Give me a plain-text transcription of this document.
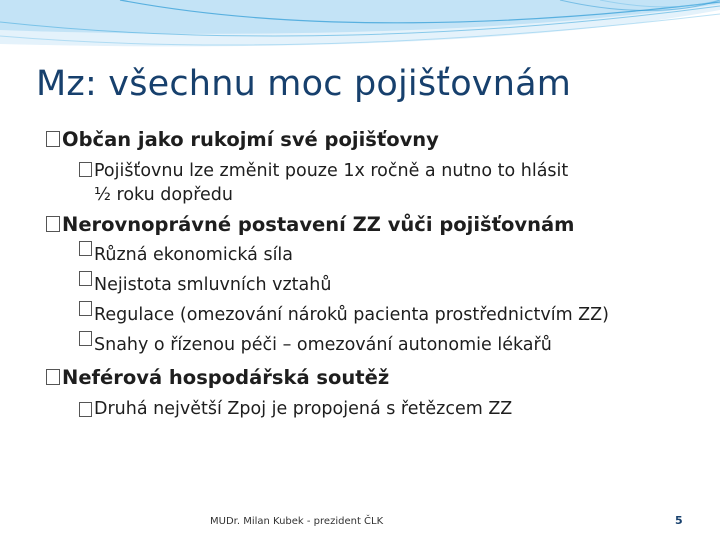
Mz: všechnu moc pojišťovnám
Občan jako rukojmí své pojišťovny
Pojišťovnu lze změnit pouze 1x ročně a nutno to hlásit
½ roku dopředu
Nerovnoprávné postavení ZZ vůči pojišťovnám
Různá ekonomická síla
Nejistota smluvních vztahů
Regulace (omezování nároků pacienta prostřednictvím ZZ)
Snahy o řízenou péči – omezování autonomie lékařů
Neférová hospodářská soutěž
Druhá největší Zpoj je propojená s řetězcem ZZ
MUDr. Milan Kubek - prezident ČLK	5
